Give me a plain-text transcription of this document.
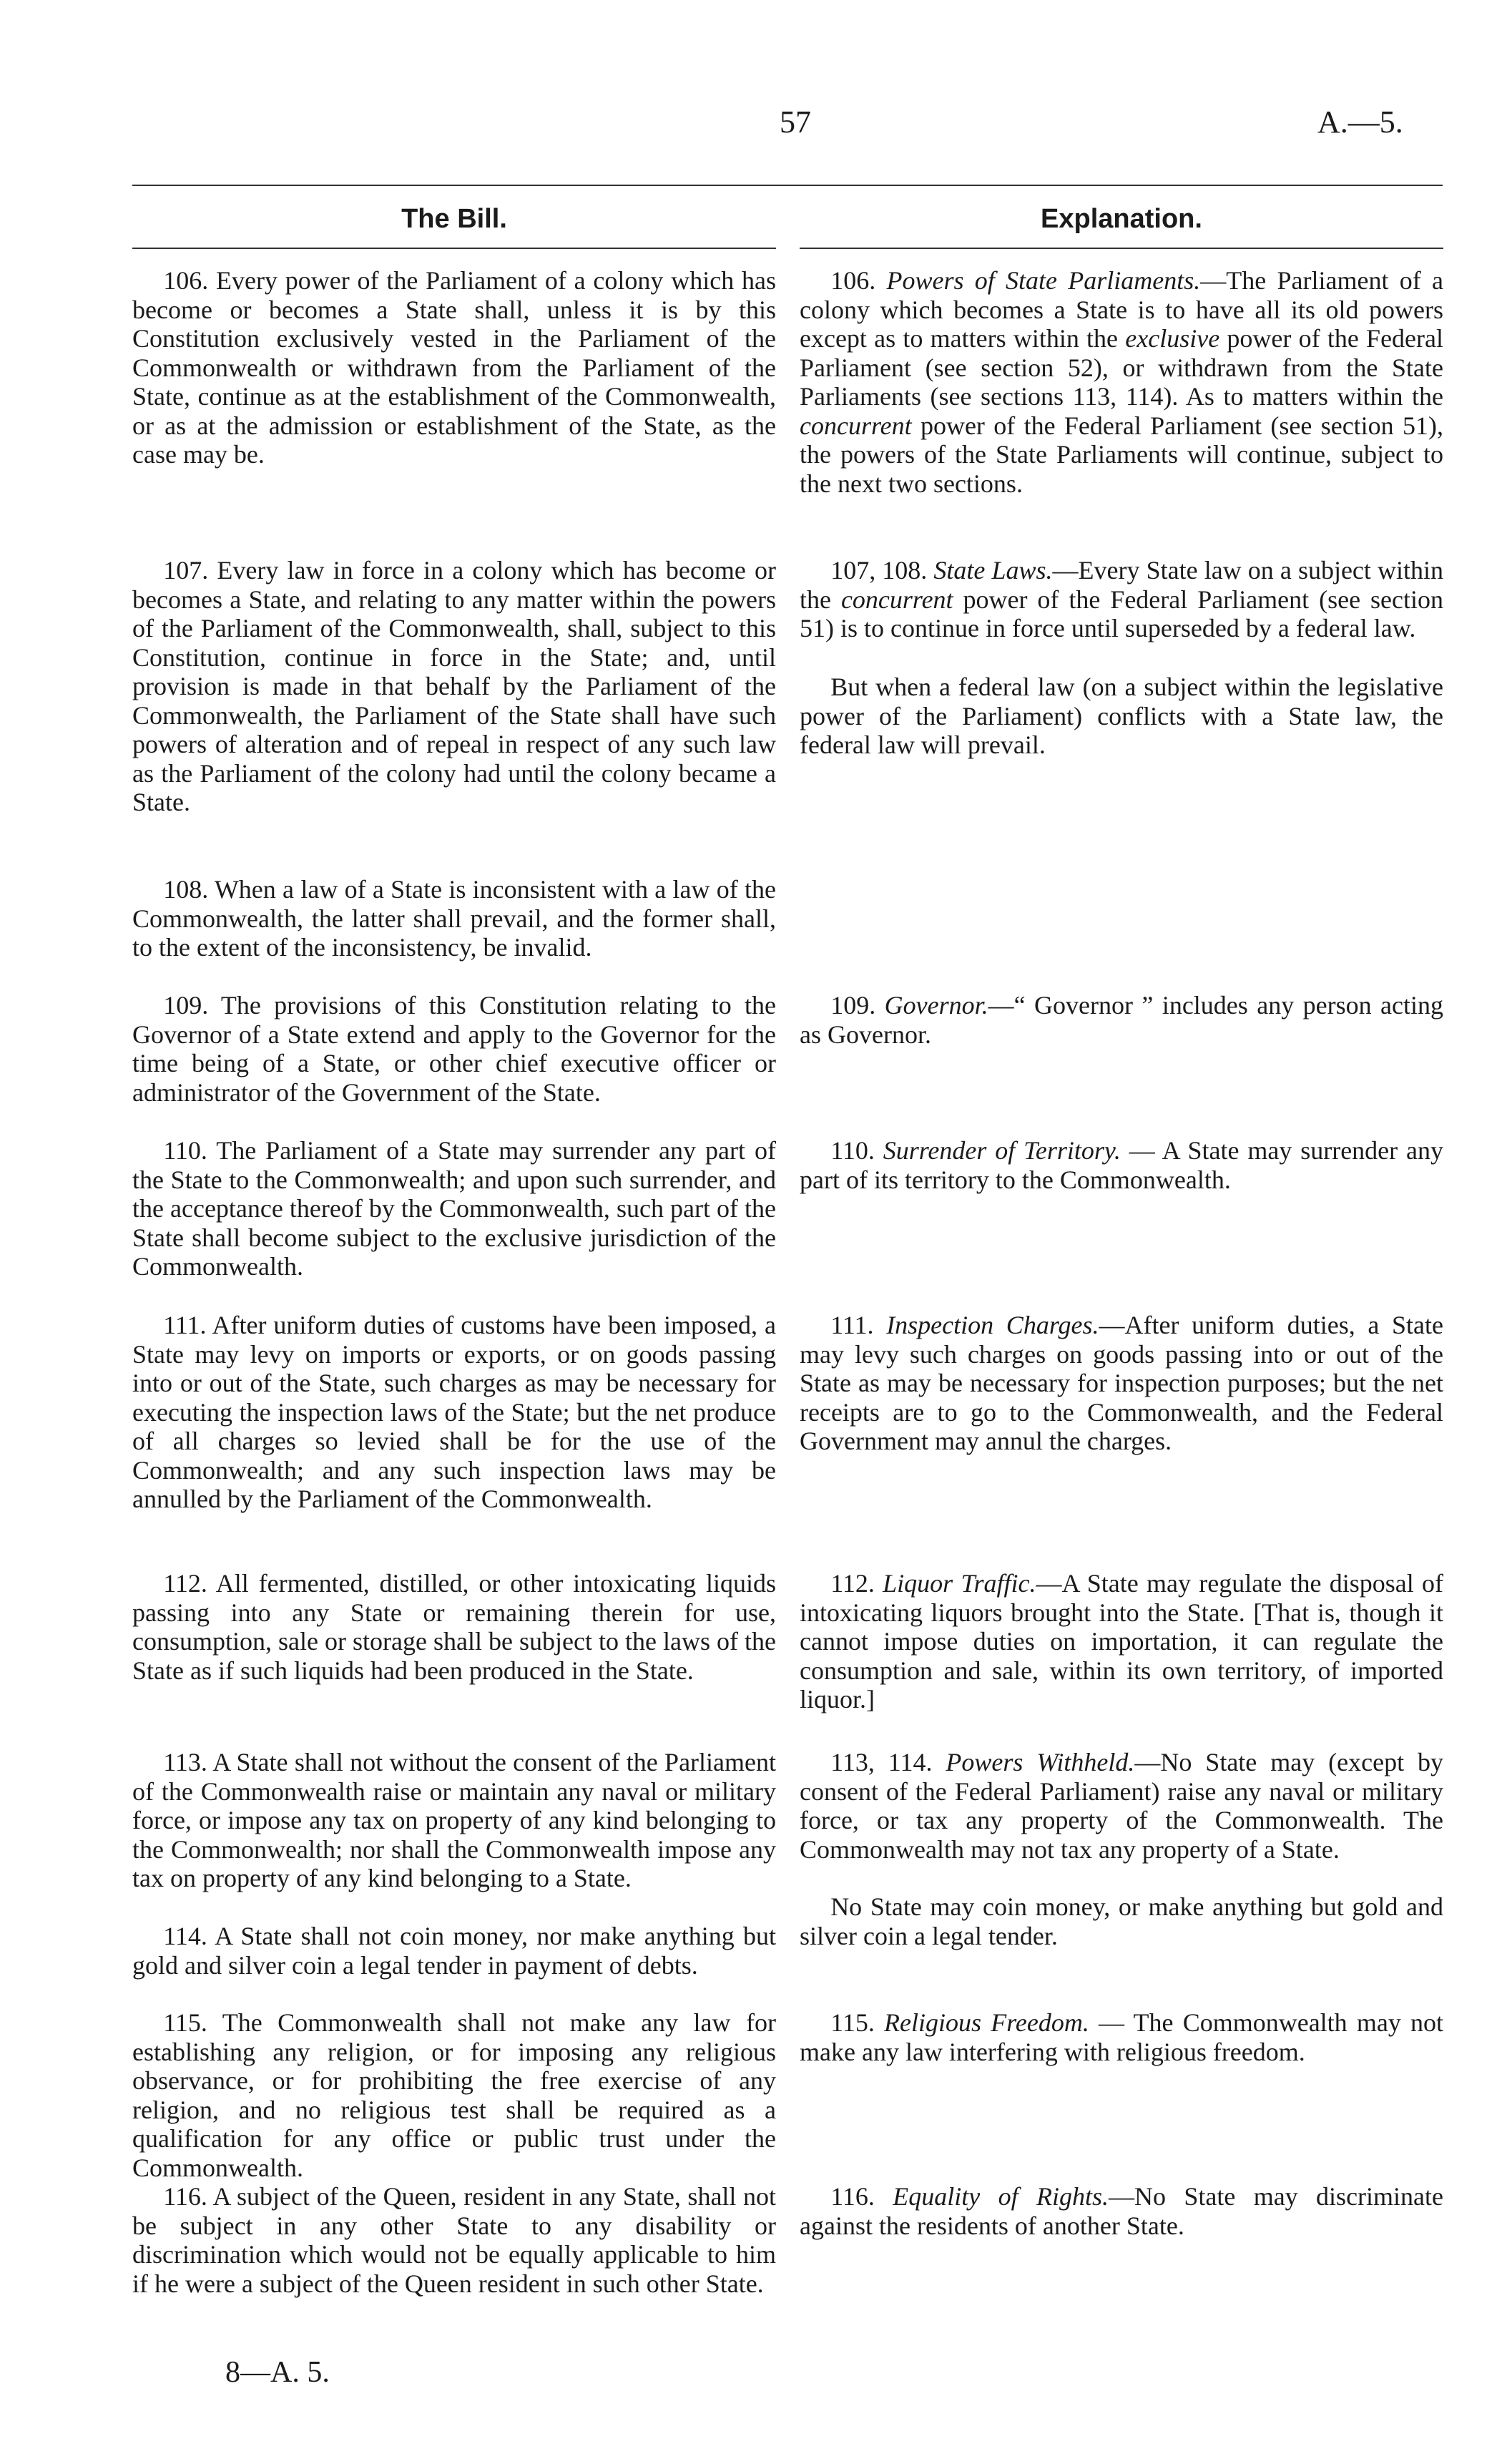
57	A.—5.
The Bill.	Explanation.

106. Every power of the Parliament of a colony which has become or becomes a State shall, unless it is by this Constitution exclusively vested in the Parliament of the Commonwealth or withdrawn from the Parliament of the State, continue as at the establishment of the Commonwealth, or as at the admission or establishment of the State, as the case may be.

107. Every law in force in a colony which has become or becomes a State, and relating to any matter within the powers of the Parliament of the Commonwealth, shall, subject to this Constitution, continue in force in the State; and, until provision is made in that behalf by the Parliament of the Commonwealth, the Parliament of the State shall have such powers of alteration and of repeal in respect of any such law as the Parliament of the colony had until the colony became a State.

108. When a law of a State is inconsistent with a law of the Commonwealth, the latter shall prevail, and the former shall, to the extent of the inconsistency, be invalid.

109. The provisions of this Constitution relating to the Governor of a State extend and apply to the Governor for the time being of a State, or other chief executive officer or administrator of the Government of the State.

110. The Parliament of a State may surrender any part of the State to the Commonwealth; and upon such surrender, and the acceptance thereof by the Commonwealth, such part of the State shall become subject to the exclusive jurisdiction of the Commonwealth.

111. After uniform duties of customs have been imposed, a State may levy on imports or exports, or on goods passing into or out of the State, such charges as may be necessary for executing the inspection laws of the State; but the net produce of all charges so levied shall be for the use of the Commonwealth; and any such inspection laws may be annulled by the Parliament of the Commonwealth.

112. All fermented, distilled, or other intoxicating liquids passing into any State or remaining therein for use, consumption, sale or storage shall be subject to the laws of the State as if such liquids had been produced in the State.

113. A State shall not without the consent of the Parliament of the Commonwealth raise or maintain any naval or military force, or impose any tax on property of any kind belonging to the Commonwealth; nor shall the Commonwealth impose any tax on property of any kind belonging to a State.

114. A State shall not coin money, nor make anything but gold and silver coin a legal tender in payment of debts.

115. The Commonwealth shall not make any law for establishing any religion, or for imposing any religious observance, or for prohibiting the free exercise of any religion, and no religious test shall be required as a qualification for any office or public trust under the Commonwealth.

116. A subject of the Queen, resident in any State, shall not be subject in any other State to any disability or discrimination which would not be equally applicable to him if he were a subject of the Queen resident in such other State.

106. Powers of State Parliaments.—The Parliament of a colony which becomes a State is to have all its old powers except as to matters within the exclusive power of the Federal Parliament (see section 52), or withdrawn from the State Parliaments (see sections 113, 114). As to matters within the concurrent power of the Federal Parliament (see section 51), the powers of the State Parliaments will continue, subject to the next two sections.

107, 108. State Laws.—Every State law on a subject within the concurrent power of the Federal Parliament (see section 51) is to continue in force until superseded by a federal law.

But when a federal law (on a subject within the legislative power of the Parliament) conflicts with a State law, the federal law will prevail.

109. Governor.—“ Governor ” includes any person acting as Governor.

110. Surrender of Territory. — A State may surrender any part of its territory to the Commonwealth.

111. Inspection Charges.—After uniform duties, a State may levy such charges on goods passing into or out of the State as may be necessary for inspection purposes; but the net receipts are to go to the Commonwealth, and the Federal Government may annul the charges.

112. Liquor Traffic.—A State may regulate the disposal of intoxicating liquors brought into the State. [That is, though it cannot impose duties on importation, it can regulate the consumption and sale, within its own territory, of imported liquor.]

113, 114. Powers Withheld.—No State may (except by consent of the Federal Parliament) raise any naval or military force, or tax any property of the Commonwealth. The Commonwealth may not tax any property of a State.

No State may coin money, or make anything but gold and silver coin a legal tender.

115. Religious Freedom. — The Commonwealth may not make any law interfering with religious freedom.

116. Equality of Rights.—No State may discriminate against the residents of another State.

8—A. 5.
